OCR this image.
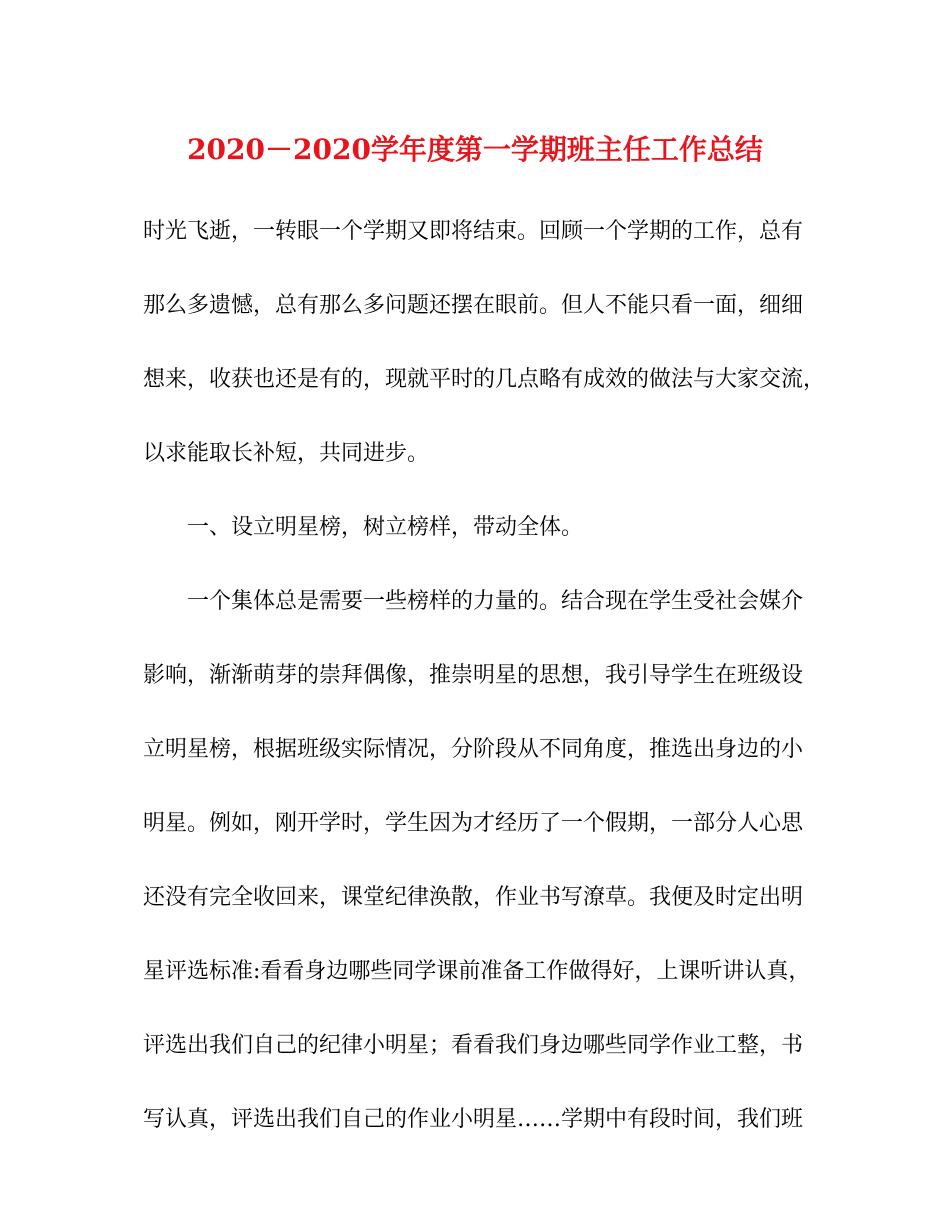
2020－2020学年度第一学期班主任工作总结
时光飞逝，一转眼一个学期又即将结束。回顾一个学期的工作，总有
那么多遗憾，总有那么多问题还摆在眼前。但人不能只看一面，细细
想来，收获也还是有的，现就平时的几点略有成效的做法与大家交流，
以求能取长补短，共同进步。
一、设立明星榜，树立榜样，带动全体。
一个集体总是需要一些榜样的力量的。结合现在学生受社会媒介
影响，渐渐萌芽的崇拜偶像，推崇明星的思想，我引导学生在班级设
立明星榜，根据班级实际情况，分阶段从不同角度，推选出身边的小
明星。例如，刚开学时，学生因为才经历了一个假期，一部分人心思
还没有完全收回来，课堂纪律涣散，作业书写潦草。我便及时定出明
星评选标准:看看身边哪些同学课前准备工作做得好，上课听讲认真，
评选出我们自己的纪律小明星；看看我们身边哪些同学作业工整，书
写认真，评选出我们自己的作业小明星……学期中有段时间，我们班
